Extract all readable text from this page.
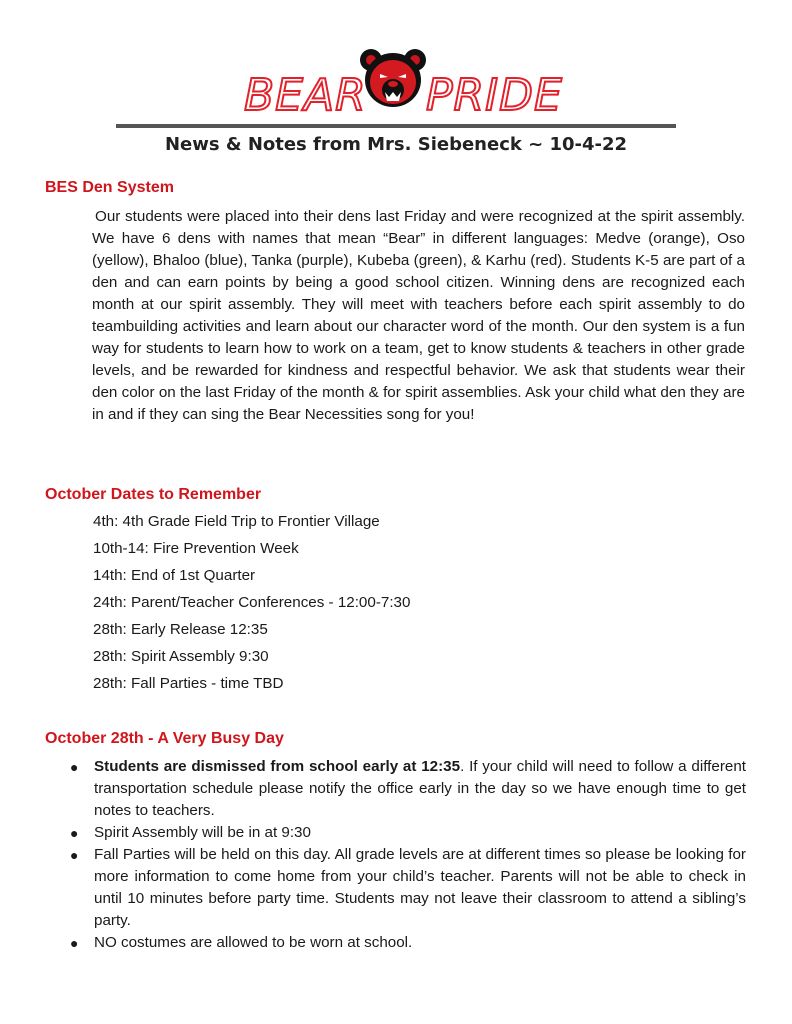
BEAR PRIDE
News & Notes from Mrs. Siebeneck ~ 10-4-22
BES Den System

Our students were placed into their dens last Friday and were recognized at the spirit assembly. We have 6 dens with names that mean “Bear” in different languages: Medve (orange), Oso (yellow), Bhaloo (blue), Tanka (purple), Kubeba (green), & Karhu (red). Students K-5 are part of a den and can earn points by being a good school citizen. Winning dens are recognized each month at our spirit assembly. They will meet with teachers before each spirit assembly to do teambuilding activities and learn about our character word of the month. Our den system is a fun way for students to learn how to work on a team, get to know students & teachers in other grade levels, and be rewarded for kindness and respectful behavior. We ask that students wear their den color on the last Friday of the month & for spirit assemblies. Ask your child what den they are in and if they can sing the Bear Necessities song for you!

October Dates to Remember
4th: 4th Grade Field Trip to Frontier Village
10th-14: Fire Prevention Week
14th: End of 1st Quarter
24th: Parent/Teacher Conferences - 12:00-7:30
28th: Early Release 12:35
28th: Spirit Assembly 9:30
28th: Fall Parties - time TBD
October 28th - A Very Busy Day
● Students are dismissed from school early at 12:35. If your child will need to follow a different transportation schedule please notify the office early in the day so we have enough time to get notes to teachers.
● Spirit Assembly will be in at 9:30
● Fall Parties will be held on this day. All grade levels are at different times so please be looking for more information to come home from your child’s teacher. Parents will not be able to check in until 10 minutes before party time. Students may not leave their classroom to attend a sibling’s party.
● NO costumes are allowed to be worn at school.
